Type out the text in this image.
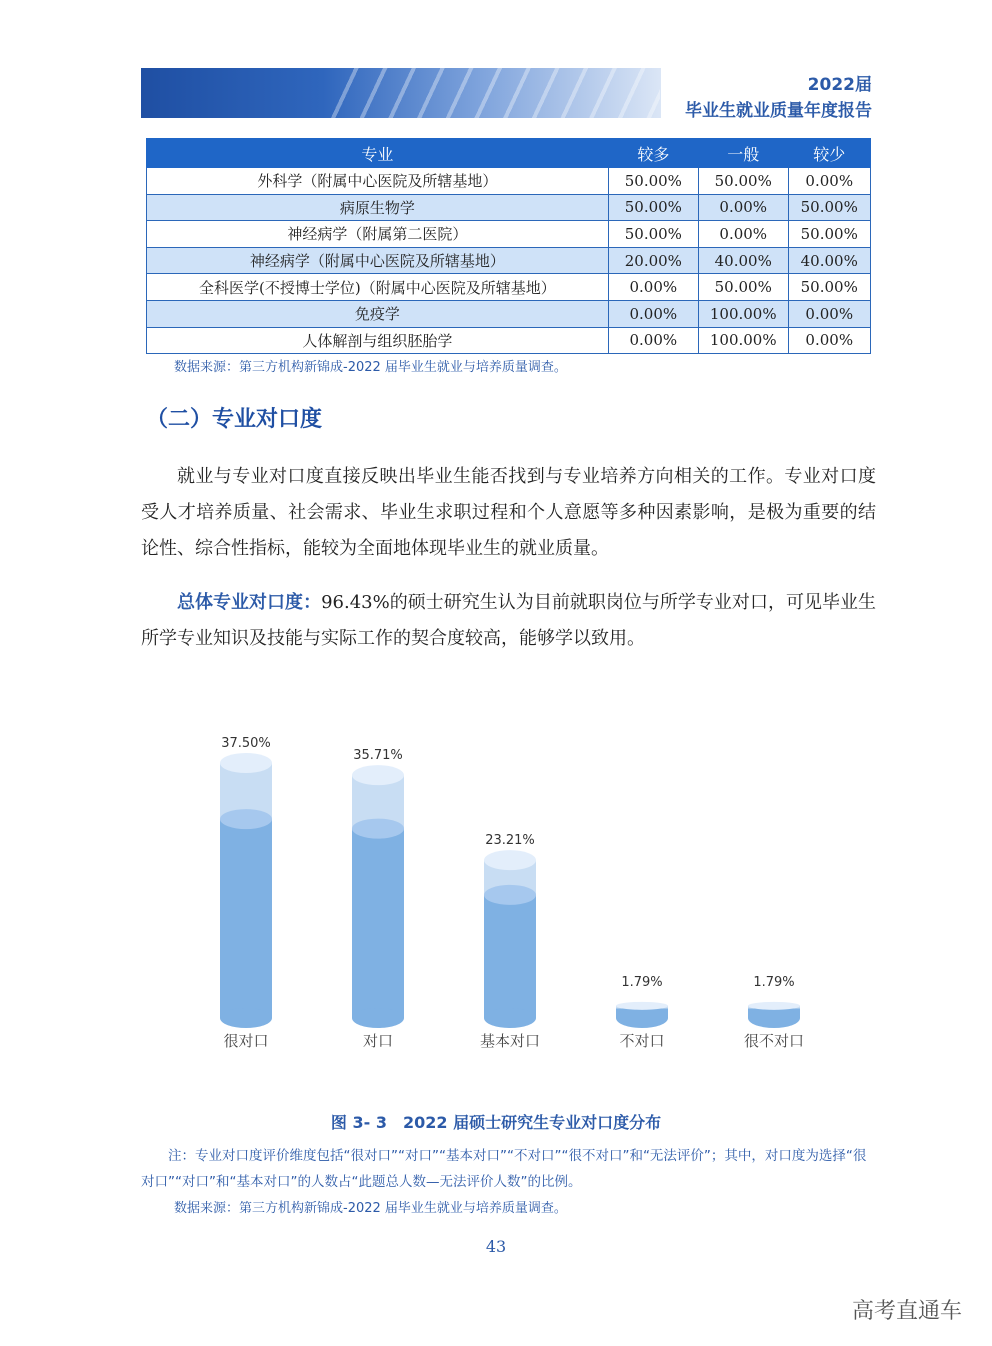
2022届
毕业生就业质量年度报告
专业	较多	一般	较少
外科学（附属中心医院及所辖基地）	50.00%	50.00%	0.00%
病原生物学	50.00%	0.00%	50.00%
神经病学（附属第二医院）	50.00%	0.00%	50.00%
神经病学（附属中心医院及所辖基地）	20.00%	40.00%	40.00%
全科医学(不授博士学位)（附属中心医院及所辖基地）	0.00%	50.00%	50.00%
免疫学	0.00%	100.00%	0.00%
人体解剖与组织胚胎学	0.00%	100.00%	0.00%
数据来源：第三方机构新锦成-2022 届毕业生就业与培养质量调查。
（二）专业对口度
就业与专业对口度直接反映出毕业生能否找到与专业培养方向相关的工作。专业对口度受人才培养质量、社会需求、毕业生求职过程和个人意愿等多种因素影响，是极为重要的结论性、综合性指标，能较为全面地体现毕业生的就业质量。
总体专业对口度：96.43%的硕士研究生认为目前就职岗位与所学专业对口，可见毕业生所学专业知识及技能与实际工作的契合度较高，能够学以致用。
37.50%
很对口
35.71%
对口
23.21%
基本对口
1.79%
不对口
1.79%
很不对口
图 3- 3　2022 届硕士研究生专业对口度分布
注：专业对口度评价维度包括“很对口”“对口”“基本对口”“不对口”“很不对口”和“无法评价”；其中，对口度为选择“很对口”“对口”和“基本对口”的人数占“此题总人数—无法评价人数”的比例。
数据来源：第三方机构新锦成-2022 届毕业生就业与培养质量调查。
43
高考直通车
